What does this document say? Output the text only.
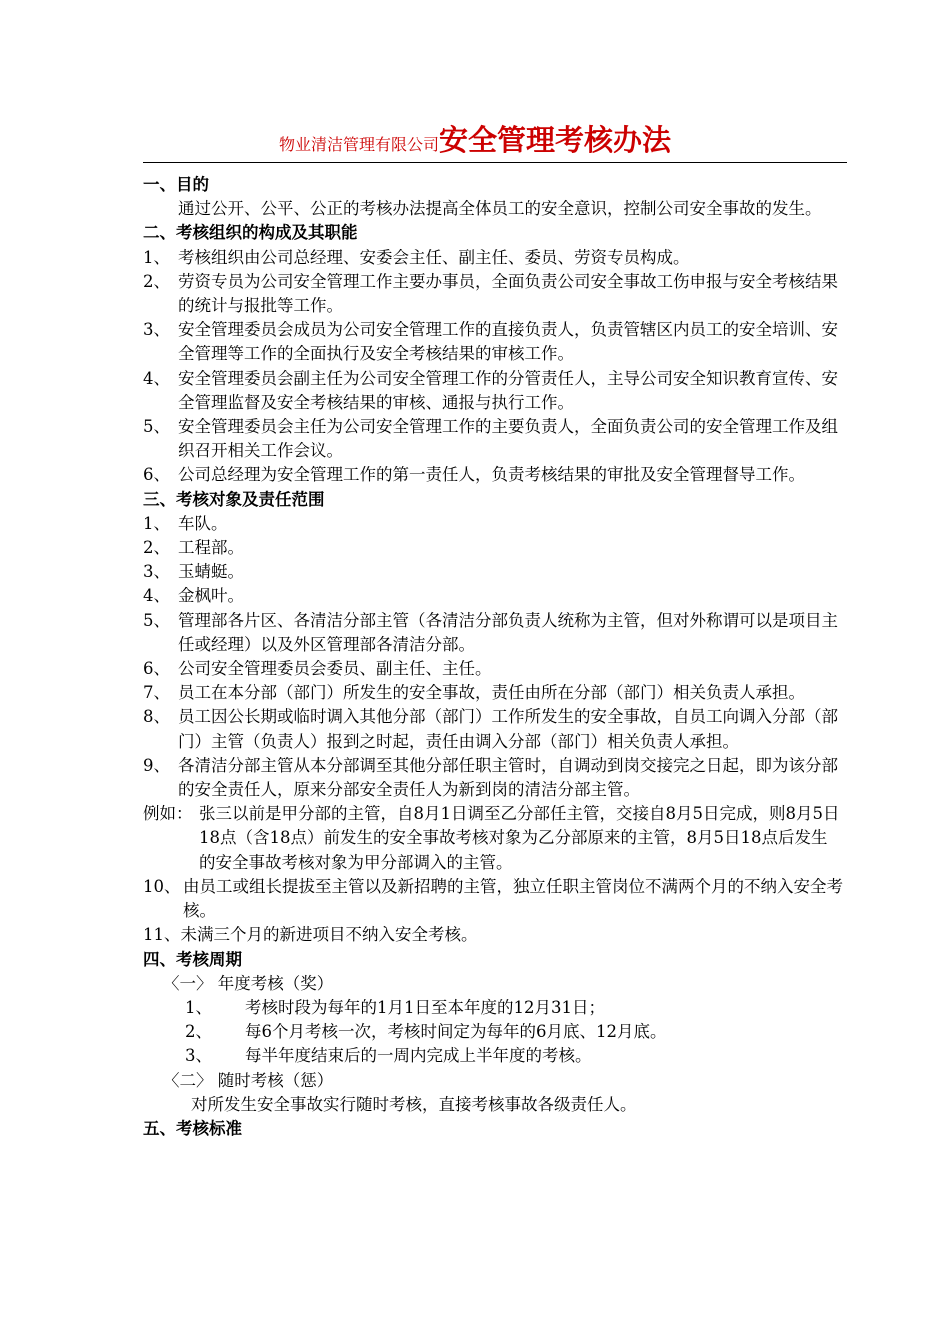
物业清洁管理有限公司安全管理考核办法
一、目的
通过公开、公平、公正的考核办法提高全体员工的安全意识，控制公司安全事故的发生。
二、考核组织的构成及其职能
1、 考核组织由公司总经理、安委会主任、副主任、委员、劳资专员构成。
2、 劳资专员为公司安全管理工作主要办事员，全面负责公司安全事故工伤申报与安全考核结果的统计与报批等工作。
3、 安全管理委员会成员为公司安全管理工作的直接负责人，负责管辖区内员工的安全培训、安全管理等工作的全面执行及安全考核结果的审核工作。
4、 安全管理委员会副主任为公司安全管理工作的分管责任人，主导公司安全知识教育宣传、安全管理监督及安全考核结果的审核、通报与执行工作。
5、 安全管理委员会主任为公司安全管理工作的主要负责人，全面负责公司的安全管理工作及组织召开相关工作会议。
6、 公司总经理为安全管理工作的第一责任人，负责考核结果的审批及安全管理督导工作。
三、考核对象及责任范围
1、 车队。
2、 工程部。
3、 玉蜻蜓。
4、 金枫叶。
5、 管理部各片区、各清洁分部主管（各清洁分部负责人统称为主管，但对外称谓可以是项目主任或经理）以及外区管理部各清洁分部。
6、 公司安全管理委员会委员、副主任、主任。
7、 员工在本分部（部门）所发生的安全事故，责任由所在分部（部门）相关负责人承担。
8、 员工因公长期或临时调入其他分部（部门）工作所发生的安全事故，自员工向调入分部（部门）主管（负责人）报到之时起，责任由调入分部（部门）相关负责人承担。
9、 各清洁分部主管从本分部调至其他分部任职主管时，自调动到岗交接完之日起，即为该分部的安全责任人，原来分部安全责任人为新到岗的清洁分部主管。
例如： 张三以前是甲分部的主管，自8月1日调至乙分部任主管，交接自8月5日完成，则8月5日18点（含18点）前发生的安全事故考核对象为乙分部原来的主管，8月5日18点后发生的安全事故考核对象为甲分部调入的主管。
10、 由员工或组长提拔至主管以及新招聘的主管，独立任职主管岗位不满两个月的不纳入安全考核。
11、未满三个月的新进项目不纳入安全考核。
四、考核周期
〈一〉 年度考核（奖）
1、	考核时段为每年的1月1日至本年度的12月31日；
2、	每6个月考核一次，考核时间定为每年的6月底、12月底。
3、	每半年度结束后的一周内完成上半年度的考核。
〈二〉 随时考核（惩）
对所发生安全事故实行随时考核，直接考核事故各级责任人。
五、考核标准
